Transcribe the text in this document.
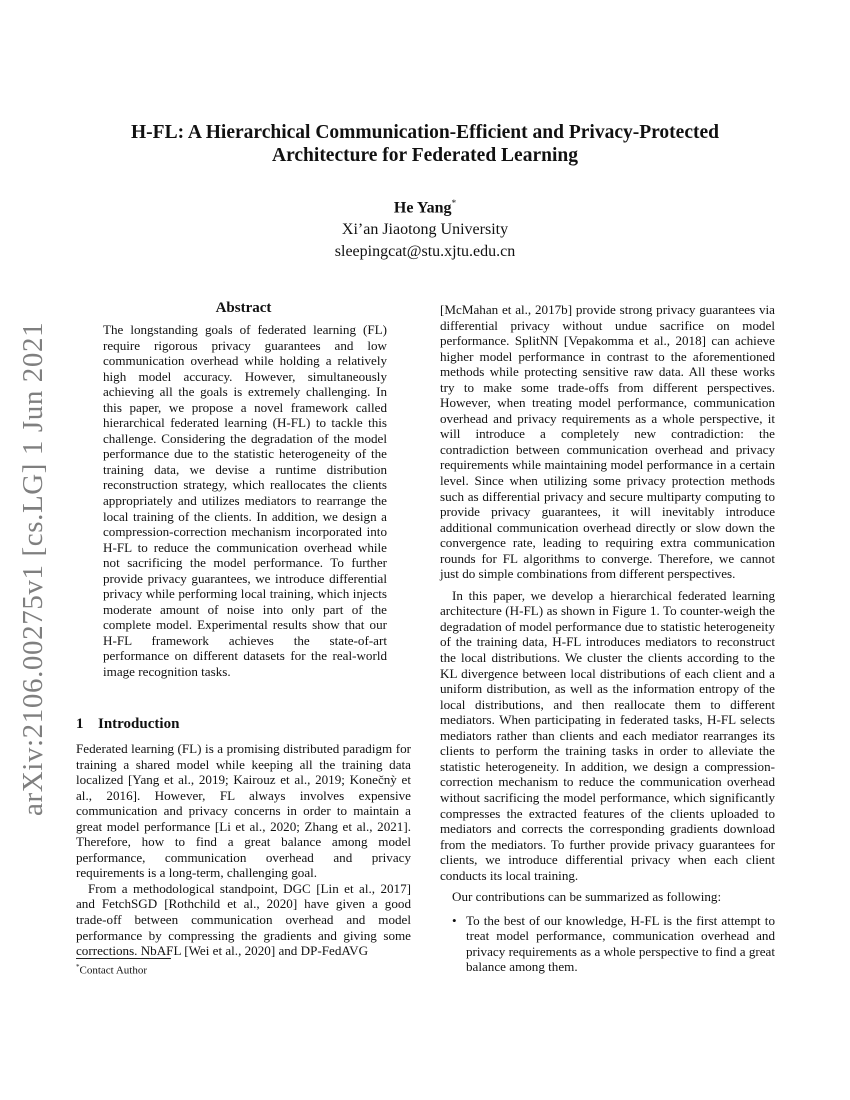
arXiv:2106.00275v1 [cs.LG] 1 Jun 2021
H-FL: A Hierarchical Communication-Efficient and Privacy-Protected
Architecture for Federated Learning
He Yang*
Xi’an Jiaotong University
sleepingcat@stu.xjtu.edu.cn
Abstract

The longstanding goals of federated learning (FL) require rigorous privacy guarantees and low communication overhead while holding a relatively high model accuracy. However, simultaneously achieving all the goals is extremely challenging. In this paper, we propose a novel framework called hierarchical federated learning (H-FL) to tackle this challenge. Considering the degradation of the model performance due to the statistic heterogeneity of the training data, we devise a runtime distribution reconstruction strategy, which reallocates the clients appropriately and utilizes mediators to rearrange the local training of the clients. In addition, we design a compression-correction mechanism incorporated into H-FL to reduce the communication overhead while not sacrificing the model performance. To further provide privacy guarantees, we introduce differential privacy while performing local training, which injects moderate amount of noise into only part of the complete model. Experimental results show that our H-FL framework achieves the state-of-art performance on different datasets for the real-world image recognition tasks.

1 Introduction

Federated learning (FL) is a promising distributed paradigm for training a shared model while keeping all the training data localized [Yang et al., 2019; Kairouz et al., 2019; Konečnỳ et al., 2016]. However, FL always involves expensive communication and privacy concerns in order to maintain a great model performance [Li et al., 2020; Zhang et al., 2021]. Therefore, how to find a great balance among model performance, communication overhead and privacy requirements is a long-term, challenging goal.

From a methodological standpoint, DGC [Lin et al., 2017] and FetchSGD [Rothchild et al., 2020] have given a good trade-off between communication overhead and model performance by compressing the gradients and giving some corrections. NbAFL [Wei et al., 2020] and DP-FedAVG

*Contact Author

[McMahan et al., 2017b] provide strong privacy guarantees via differential privacy without undue sacrifice on model performance. SplitNN [Vepakomma et al., 2018] can achieve higher model performance in contrast to the aforementioned methods while protecting sensitive raw data. All these works try to make some trade-offs from different perspectives. However, when treating model performance, communication overhead and privacy requirements as a whole perspective, it will introduce a completely new contradiction: the contradiction between communication overhead and privacy requirements while maintaining model performance in a certain level. Since when utilizing some privacy protection methods such as differential privacy and secure multiparty computing to provide privacy guarantees, it will inevitably introduce additional communication overhead directly or slow down the convergence rate, leading to requiring extra communication rounds for FL algorithms to converge. Therefore, we cannot just do simple combinations from different perspectives.

In this paper, we develop a hierarchical federated learning architecture (H-FL) as shown in Figure 1. To counter-weigh the degradation of model performance due to statistic heterogeneity of the training data, H-FL introduces mediators to reconstruct the local distributions. We cluster the clients according to the KL divergence between local distributions of each client and a uniform distribution, as well as the information entropy of the local distributions, and then reallocate them to different mediators. When participating in federated tasks, H-FL selects mediators rather than clients and each mediator rearranges its clients to perform the training tasks in order to alleviate the statistic heterogeneity. In addition, we design a compression-correction mechanism to reduce the communication overhead without sacrificing the model performance, which significantly compresses the extracted features of the clients uploaded to mediators and corrects the corresponding gradients download from the mediators. To further provide privacy guarantees for clients, we introduce differential privacy when each client conducts its local training.

Our contributions can be summarized as following:

• To the best of our knowledge, H-FL is the first attempt to treat model performance, communication overhead and privacy requirements as a whole perspective to find a great balance among them.
